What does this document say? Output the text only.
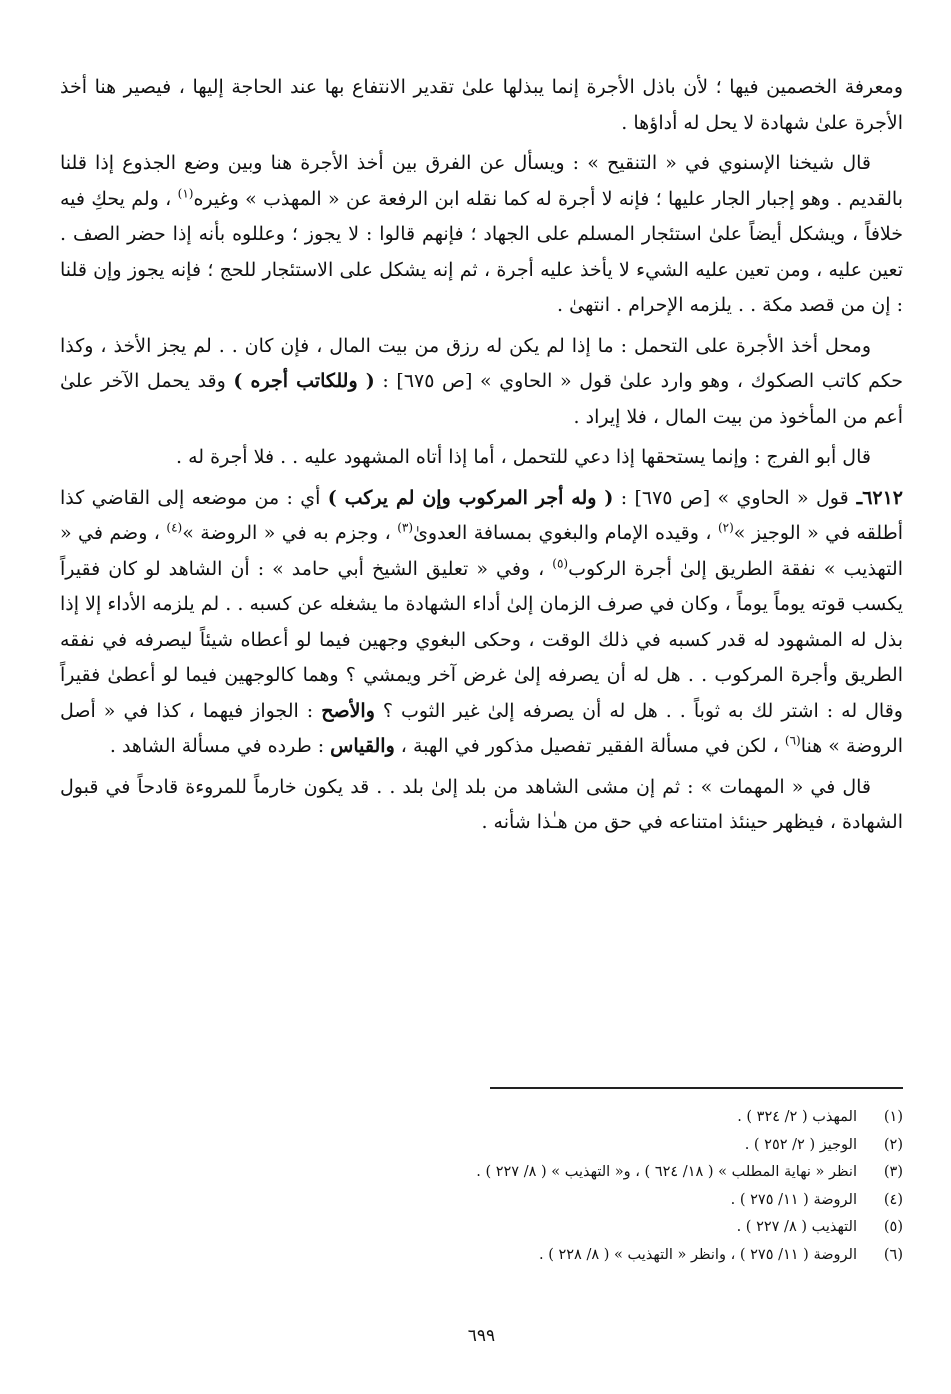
ومعرفة الخصمين فيها ؛ لأن باذل الأجرة إنما يبذلها علىٰ تقدير الانتفاع بها عند الحاجة إليها ، فيصير هنا أخذ الأجرة علىٰ شهادة لا يحل له أداؤها .

قال شيخنا الإسنوي في « التنقيح » : ويسأل عن الفرق بين أخذ الأجرة هنا وبين وضع الجذوع إذا قلنا بالقديم . وهو إجبار الجار عليها ؛ فإنه لا أجرة له كما نقله ابن الرفعة عن « المهذب » وغيره$^{(١)}$ ، ولم يحكِ فيه خلافاً ، ويشكل أيضاً علىٰ استئجار المسلم على الجهاد ؛ فإنهم قالوا : لا يجوز ؛ وعللوه بأنه إذا حضر الصف . تعين عليه ، ومن تعين عليه الشيء لا يأخذ عليه أجرة ، ثم إنه يشكل على الاستئجار للحج ؛ فإنه يجوز وإن قلنا : إن من قصد مكة . . يلزمه الإحرام . انتهىٰ .

ومحل أخذ الأجرة على التحمل : ما إذا لم يكن له رزق من بيت المال ، فإن كان . . لم يجز الأخذ ، وكذا حكم كاتب الصكوك ، وهو وارد علىٰ قول « الحاوي » [ص ٦٧٥] : ( وللكاتب أجره ) وقد يحمل الآخر علىٰ أعم من المأخوذ من بيت المال ، فلا إيراد .

قال أبو الفرج : وإنما يستحقها إذا دعي للتحمل ، أما إذا أتاه المشهود عليه . . فلا أجرة له .

٦٢١٢ـ قول « الحاوي » [ص ٦٧٥] : ( وله أجر المركوب وإن لم يركب ) أي : من موضعه إلى القاضي كذا أطلقه في « الوجيز »$^{(٢)}$ ، وقيده الإمام والبغوي بمسافة العدوىٰ$^{(٣)}$ ، وجزم به في « الروضة »$^{(٤)}$ ، وضم في « التهذيب » نفقة الطريق إلىٰ أجرة الركوب$^{(٥)}$ ، وفي « تعليق الشيخ أبي حامد » : أن الشاهد لو كان فقيراً يكسب قوته يوماً يوماً ، وكان في صرف الزمان إلىٰ أداء الشهادة ما يشغله عن كسبه . . لم يلزمه الأداء إلا إذا بذل له المشهود له قدر كسبه في ذلك الوقت ، وحكى البغوي وجهين فيما لو أعطاه شيئاً ليصرفه في نفقه الطريق وأجرة المركوب . . هل له أن يصرفه إلىٰ غرض آخر ويمشي ؟ وهما كالوجهين فيما لو أعطىٰ فقيراً وقال له : اشتر لك به ثوباً . . هل له أن يصرفه إلىٰ غير الثوب ؟ والأصح : الجواز فيهما ، كذا في « أصل الروضة » هنا$^{(٦)}$ ، لكن في مسألة الفقير تفصيل مذكور في الهبة ، والقياس : طرده في مسألة الشاهد .

قال في « المهمات » : ثم إن مشى الشاهد من بلد إلىٰ بلد . . قد يكون خارماً للمروءة قادحاً في قبول الشهادة ، فيظهر حينئذ امتناعه في حق من هـٰذا شأنه .

(١)
المهذب ( ٢/ ٣٢٤ ) .
(٢)
الوجيز ( ٢/ ٢٥٢ ) .
(٣)
انظر « نهاية المطلب » ( ١٨/ ٦٢٤ ) ، و« التهذيب » ( ٨/ ٢٢٧ ) .
(٤)
الروضة ( ١١/ ٢٧٥ ) .
(٥)
التهذيب ( ٨/ ٢٢٧ ) .
(٦)
الروضة ( ١١/ ٢٧٥ ) ، وانظر « التهذيب » ( ٨/ ٢٢٨ ) .
٦٩٩
